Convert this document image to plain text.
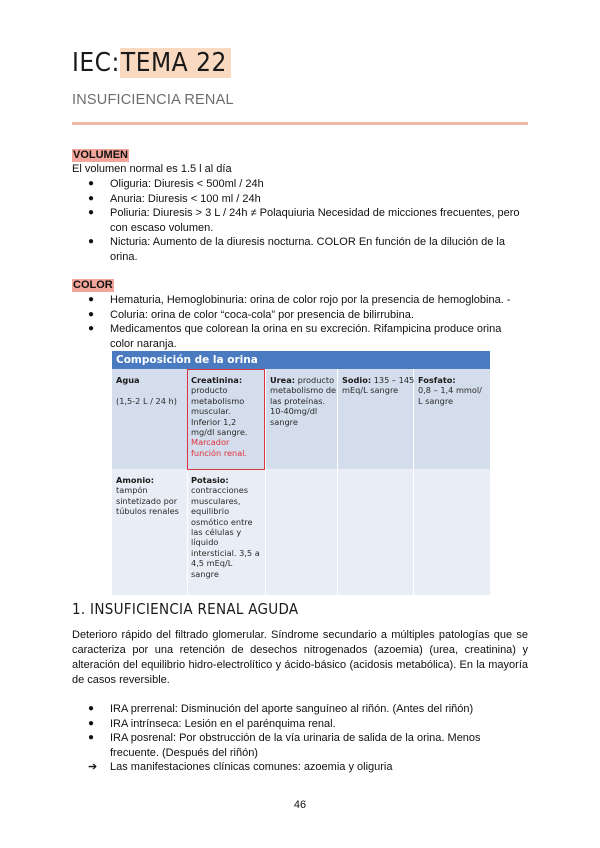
IEC:TEMA 22
INSUFICIENCIA RENAL
VOLUMEN
El volumen normal es 1.5 l al día
● Oliguria: Diuresis < 500ml / 24h
● Anuria: Diuresis < 100 ml / 24h
● Poliuria: Diuresis > 3 L / 24h ≠ Polaquiuria Necesidad de micciones frecuentes, pero
con escaso volumen.
● Nicturia: Aumento de la diuresis nocturna. COLOR En función de la dilución de la
orina.
COLOR
● Hematuria, Hemoglobinuria: orina de color rojo por la presencia de hemoglobina. -
● Coluria: orina de color “coca-cola” por presencia de bilirrubina.
● Medicamentos que colorean la orina en su excreción. Rifampicina produce orina
color naranja.
Composición de la orina
Agua

(1,5-2 L / 24 h)
Creatinina:
producto
metabolismo
muscular.
Inferior 1,2
mg/dl sangre.
Marcador
función renal.
Urea: producto
metabolismo de
las proteínas.
10-40mg/dl
sangre
Sodio: 135 – 145
mEq/L sangre
Fosfato:
0,8 – 1,4 mmol/
L sangre
Amonio:
tampón
sintetizado por
túbulos renales
Potasio:
contracciones
musculares,
equilibrio
osmótico entre
las células y
líquido
intersticial. 3,5 a
4,5 mEq/L
sangre
1. INSUFICIENCIA RENAL AGUDA
Deterioro rápido del filtrado glomerular. Síndrome secundario a múltiples patologías que se caracteriza por una retención de desechos nitrogenados (azoemia) (urea, creatinina) y alteración del equilibrio hidro-electrolítico y ácido-básico (acidosis metabólica). En la mayoría de casos reversible.
● IRA prerrenal: Disminución del aporte sanguíneo al riñón. (Antes del riñón)
● IRA intrínseca: Lesión en el parénquima renal.
● IRA posrenal: Por obstrucción de la vía urinaria de salida de la orina. Menos
frecuente. (Después del riñón)
➔ Las manifestaciones clínicas comunes: azoemia y oliguria
46
